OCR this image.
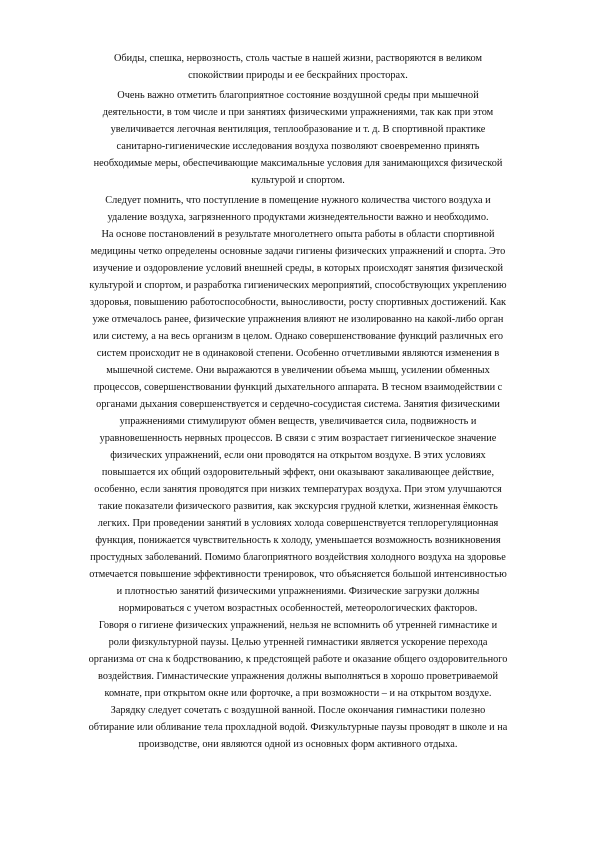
Обиды, спешка, нервозность, столь частые в нашей жизни, растворяются в великом спокойствии природы и ее бескрайних просторах.

Очень важно отметить благоприятное состояние воздушной среды при мышечной деятельности, в том числе и при занятиях физическими упражнениями, так как при этом увеличивается легочная вентиляция, теплообразование и т. д. В спортивной практике санитарно-гигиенические исследования воздуха позволяют своевременно принять необходимые меры, обеспечивающие максимальные условия для занимающихся физической культурой и спортом.

Следует помнить, что поступление в помещение нужного количества чистого воздуха и удаление воздуха, загрязненного продуктами жизнедеятельности важно и необходимо.

На основе постановлений в результате многолетнего опыта работы в области спортивной медицины четко определены основные задачи гигиены физических упражнений и спорта. Это изучение и оздоровление условий внешней среды, в которых происходят занятия физической культурой и спортом, и разработка гигиенических мероприятий, способствующих укреплению здоровья, повышению работоспособности, выносливости, росту спортивных достижений. Как уже отмечалось ранее, физические упражнения влияют не изолированно на какой-либо орган или систему, а на весь организм в целом. Однако совершенствование функций различных его систем происходит не в одинаковой степени. Особенно отчетливыми являются изменения в мышечной системе. Они выражаются в увеличении объема мышц, усилении обменных процессов, совершенствовании функций дыхательного аппарата. В тесном взаимодействии с органами дыхания совершенствуется и сердечно-сосудистая система. Занятия физическими упражнениями стимулируют обмен веществ, увеличивается сила, подвижность и уравновешенность нервных процессов. В связи с этим возрастает гигиеническое значение физических упражнений, если они проводятся на открытом воздухе. В этих условиях повышается их общий оздоровительный эффект, они оказывают закаливающее действие, особенно, если занятия проводятся при низких температурах воздуха. При этом улучшаются такие показатели физического развития, как экскурсия грудной клетки, жизненная ёмкость легких. При проведении занятий в условиях холода совершенствуется теплорегуляционная функция, понижается чувствительность к холоду, уменьшается возможность возникновения простудных заболеваний. Помимо благоприятного воздействия холодного воздуха на здоровье отмечается повышение эффективности тренировок, что объясняется большой интенсивностью и плотностью занятий физическими упражнениями. Физические загрузки должны нормироваться с учетом возрастных особенностей, метеорологических факторов.

Говоря о гигиене физических упражнений, нельзя не вспомнить об утренней гимнастике и роли физкультурной паузы. Целью утренней гимнастики является ускорение перехода организма от сна к бодрствованию, к предстоящей работе и оказание общего оздоровительного воздействия. Гимнастические упражнения должны выполняться в хорошо проветриваемой комнате, при открытом окне или форточке, а при возможности – и на открытом воздухе. Зарядку следует сочетать с воздушной ванной. После окончания гимнастики полезно обтирание или обливание тела прохладной водой. Физкультурные паузы проводят в школе и на производстве, они являются одной из основных форм активного отдыха.
